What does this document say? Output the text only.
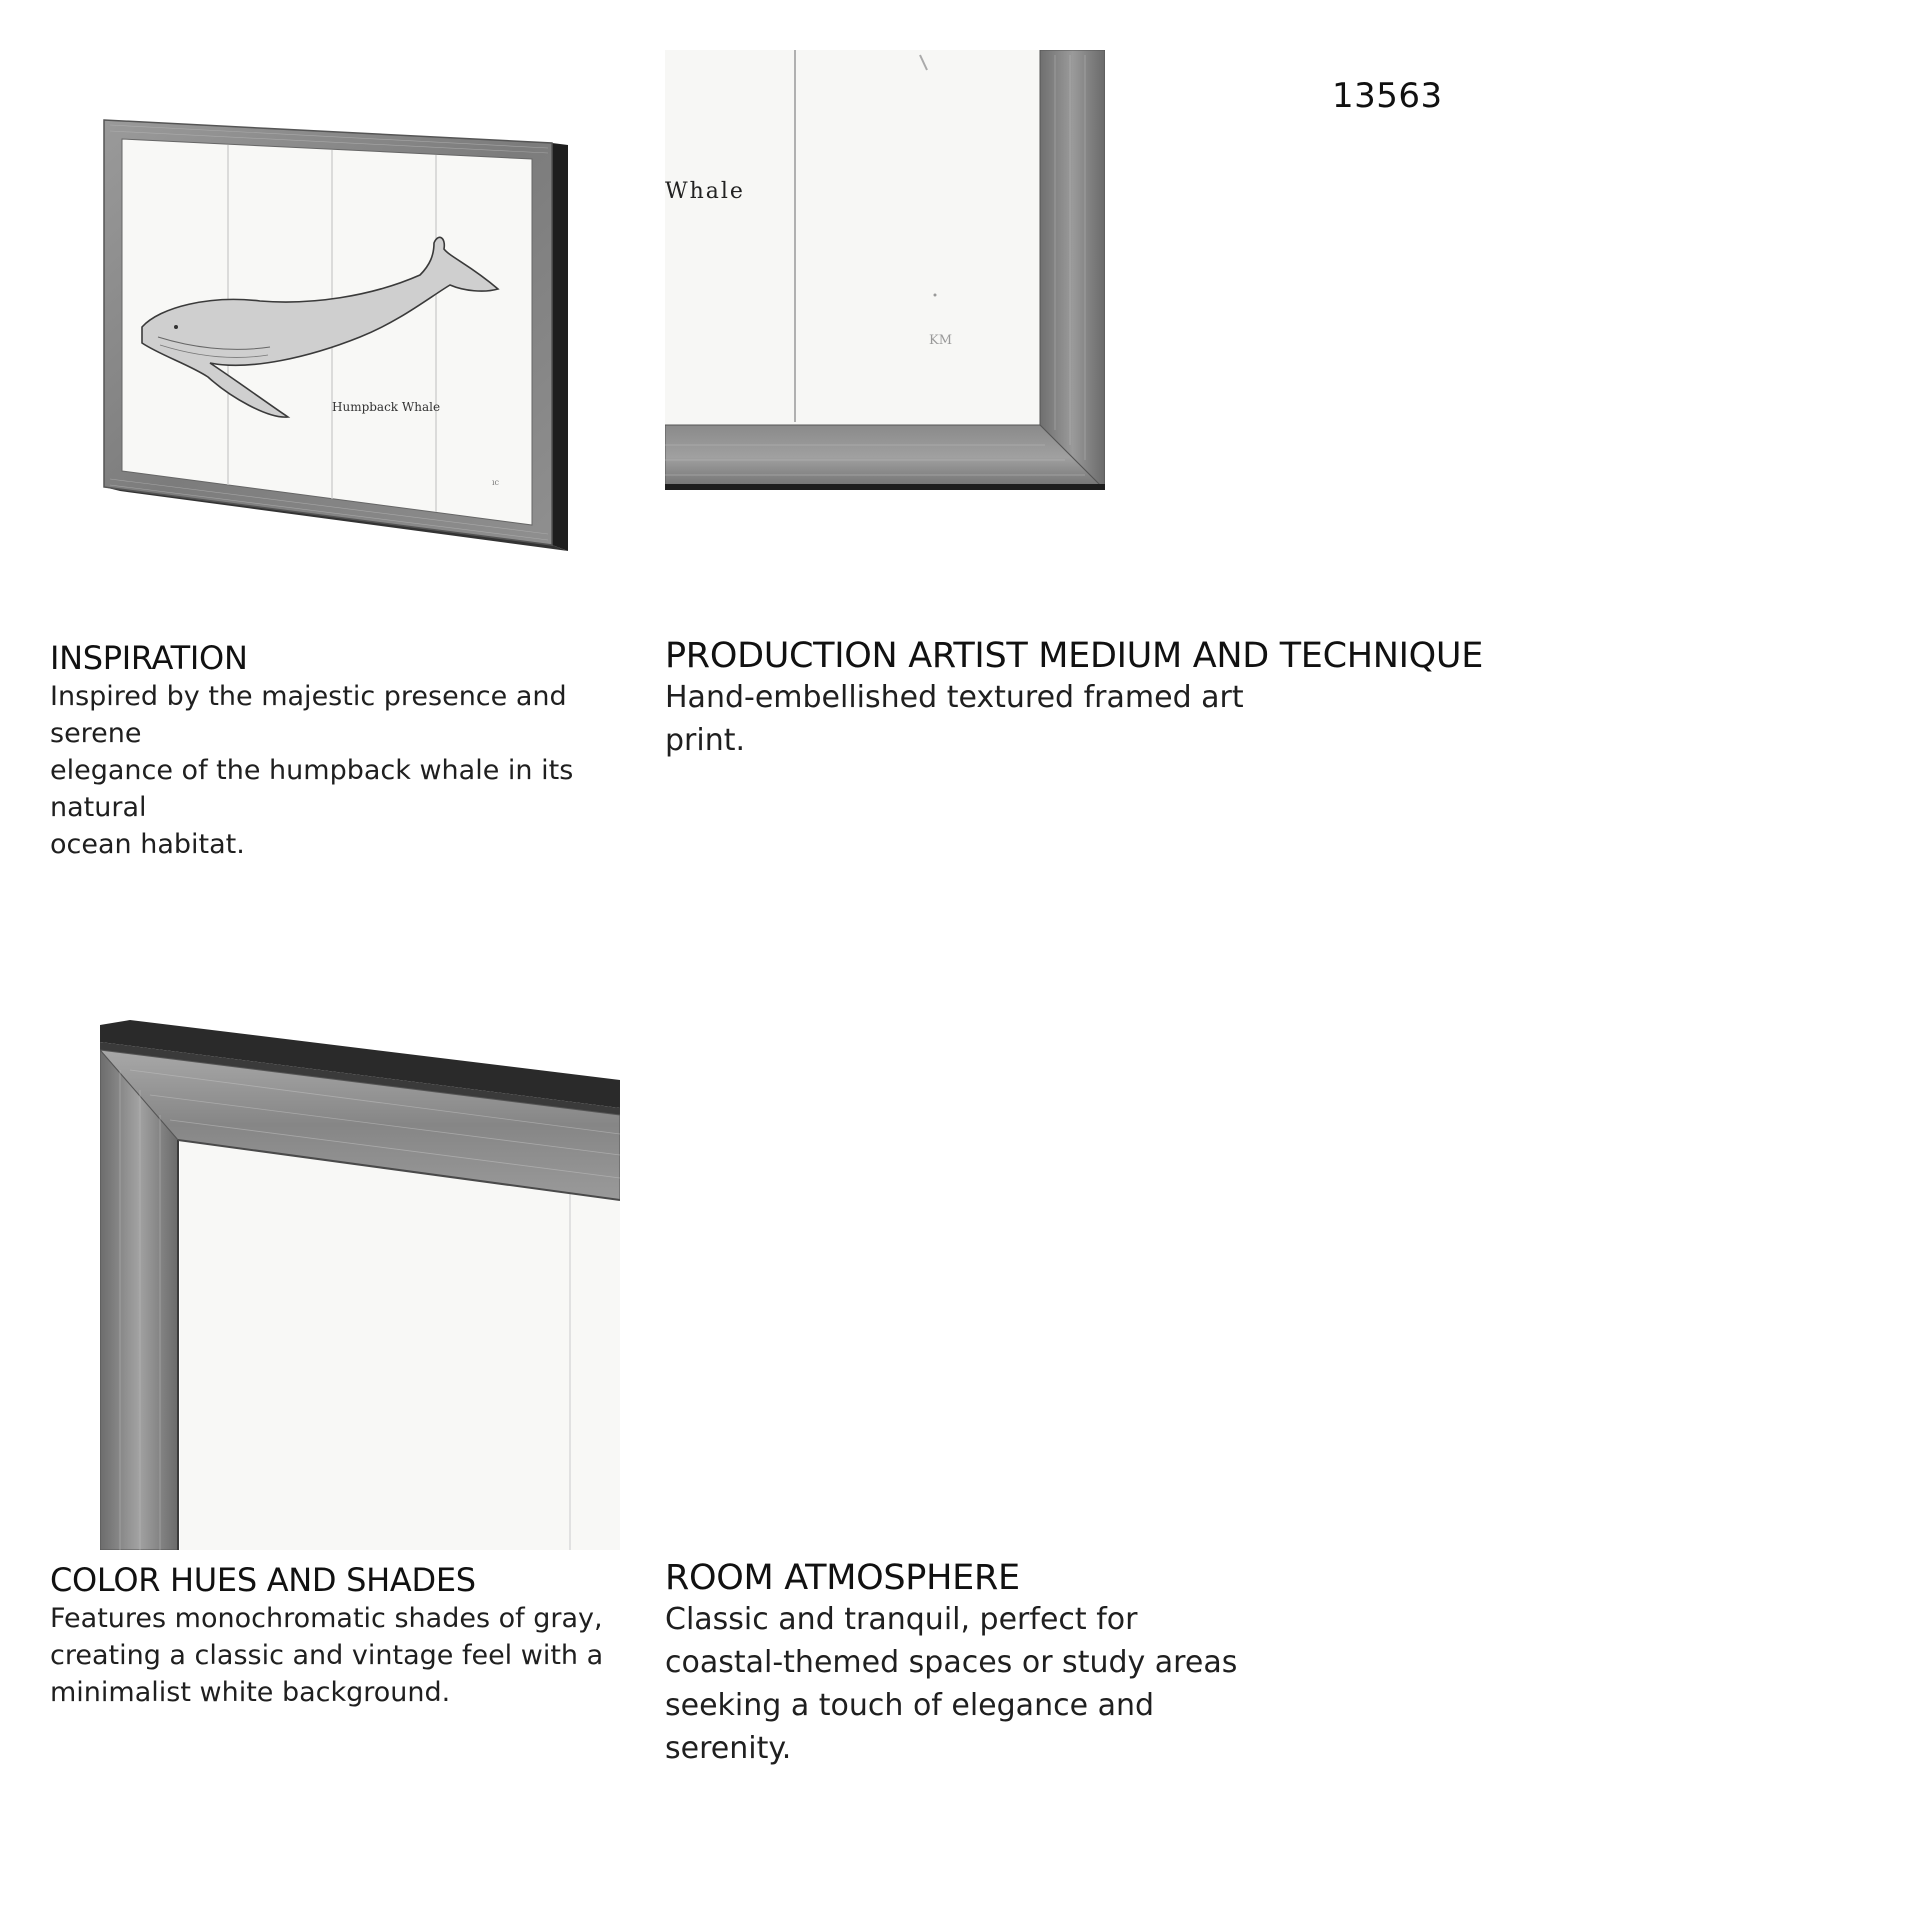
13563
Humpback Whale
ıc
Whale
KM
INSPIRATION

Inspired by the majestic presence and serene
elegance of the humpback whale in its natural
ocean habitat.

PRODUCTION ARTIST MEDIUM AND TECHNIQUE

Hand-embellished textured framed art
print.

COLOR HUES AND SHADES

Features monochromatic shades of gray,
creating a classic and vintage feel with a
minimalist white background.

ROOM ATMOSPHERE

Classic and tranquil, perfect for
coastal-themed spaces or study areas
seeking a touch of elegance and
serenity.
